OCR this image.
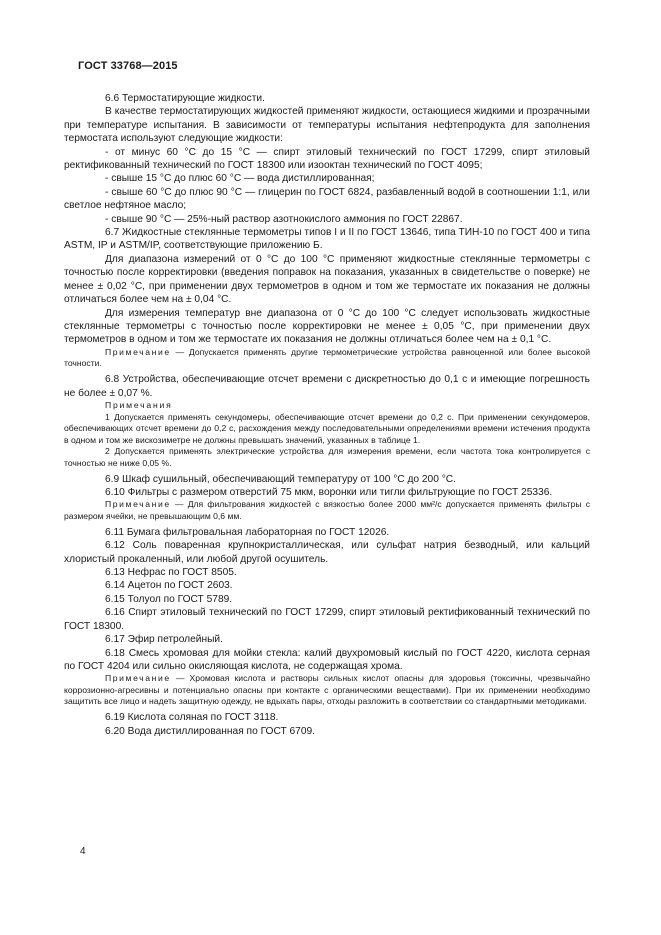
ГОСТ 33768—2015

6.6 Термостатирующие жидкости.

В качестве термостатирующих жидкостей применяют жидкости, остающиеся жидкими и прозрачными при температуре испытания. В зависимости от температуры испытания нефтепродукта для заполнения термостата используют следующие жидкости:

- от минус 60 °С до 15 °С — спирт этиловый технический по ГОСТ 17299, спирт этиловый ректификованный технический по ГОСТ 18300 или изооктан технический по ГОСТ 4095;

- свыше 15 °С до плюс 60 °С — вода дистиллированная;

- свыше 60 °С до плюс 90 °С — глицерин по ГОСТ 6824, разбавленный водой в соотношении 1:1, или светлое нефтяное масло;

- свыше 90 °С — 25%-ный раствор азотнокислого аммония по ГОСТ 22867.

6.7 Жидкостные стеклянные термометры типов I и II по ГОСТ 13646, типа ТИН-10 по ГОСТ 400 и типа ASTM, IP и ASTM/IP, соответствующие приложению Б.

Для диапазона измерений от 0 °С до 100 °С применяют жидкостные стеклянные термометры с точностью после корректировки (введения поправок на показания, указанных в свидетельстве о поверке) не менее ± 0,02 °С, при применении двух термометров в одном и том же термостате их показания не должны отличаться более чем на ± 0,04 °С.

Для измерения температур вне диапазона от 0 °С до 100 °С следует использовать жидкостные стеклянные термометры с точностью после корректировки не менее ± 0,05 °С, при применении двух термометров в одном и том же термостате их показания не должны отличаться более чем на ± 0,1 °С.

Примечание — Допускается применять другие термометрические устройства равноценной или более высокой точности.

6.8 Устройства, обеспечивающие отсчет времени с дискретностью до 0,1 с и имеющие погрешность не более ± 0,07 %.

Примечания

1 Допускается применять секундомеры, обеспечивающие отсчет времени до 0,2 с. При применении секундомеров, обеспечивающих отсчет времени до 0,2 с, расхождения между последовательными определениями времени истечения продукта в одном и том же вискозиметре не должны превышать значений, указанных в таблице 1.

2 Допускается применять электрические устройства для измерения времени, если частота тока контролируется с точностью не ниже 0,05 %.

6.9 Шкаф сушильный, обеспечивающий температуру от 100 °С до 200 °С.

6.10 Фильтры с размером отверстий 75 мкм, воронки или тигли фильтрующие по ГОСТ 25336.

Примечание — Для фильтрования жидкостей с вязкостью более 2000 мм²/с допускается применять фильтры с размером ячейки, не превышающим 0,6 мм.

6.11 Бумага фильтровальная лабораторная по ГОСТ 12026.

6.12 Соль поваренная крупнокристаллическая, или сульфат натрия безводный, или кальций хлористый прокаленный, или любой другой осушитель.

6.13 Нефрас по ГОСТ 8505.

6.14 Ацетон по ГОСТ 2603.

6.15 Толуол по ГОСТ 5789.

6.16 Спирт этиловый технический по ГОСТ 17299, спирт этиловый ректификованный технический по ГОСТ 18300.

6.17 Эфир петролейный.

6.18 Смесь хромовая для мойки стекла: калий двухромовый кислый по ГОСТ 4220, кислота серная по ГОСТ 4204 или сильно окисляющая кислота, не содержащая хрома.

Примечание — Хромовая кислота и растворы сильных кислот опасны для здоровья (токсичны, чрезвычайно коррозионно-агресивны и потенциально опасны при контакте с органическими веществами). При их применении необходимо защитить все лицо и надеть защитную одежду, не вдыхать пары, отходы разложить в соответствии со стандартными методиками.

6.19 Кислота соляная по ГОСТ 3118.

6.20 Вода дистиллированная по ГОСТ 6709.

4
